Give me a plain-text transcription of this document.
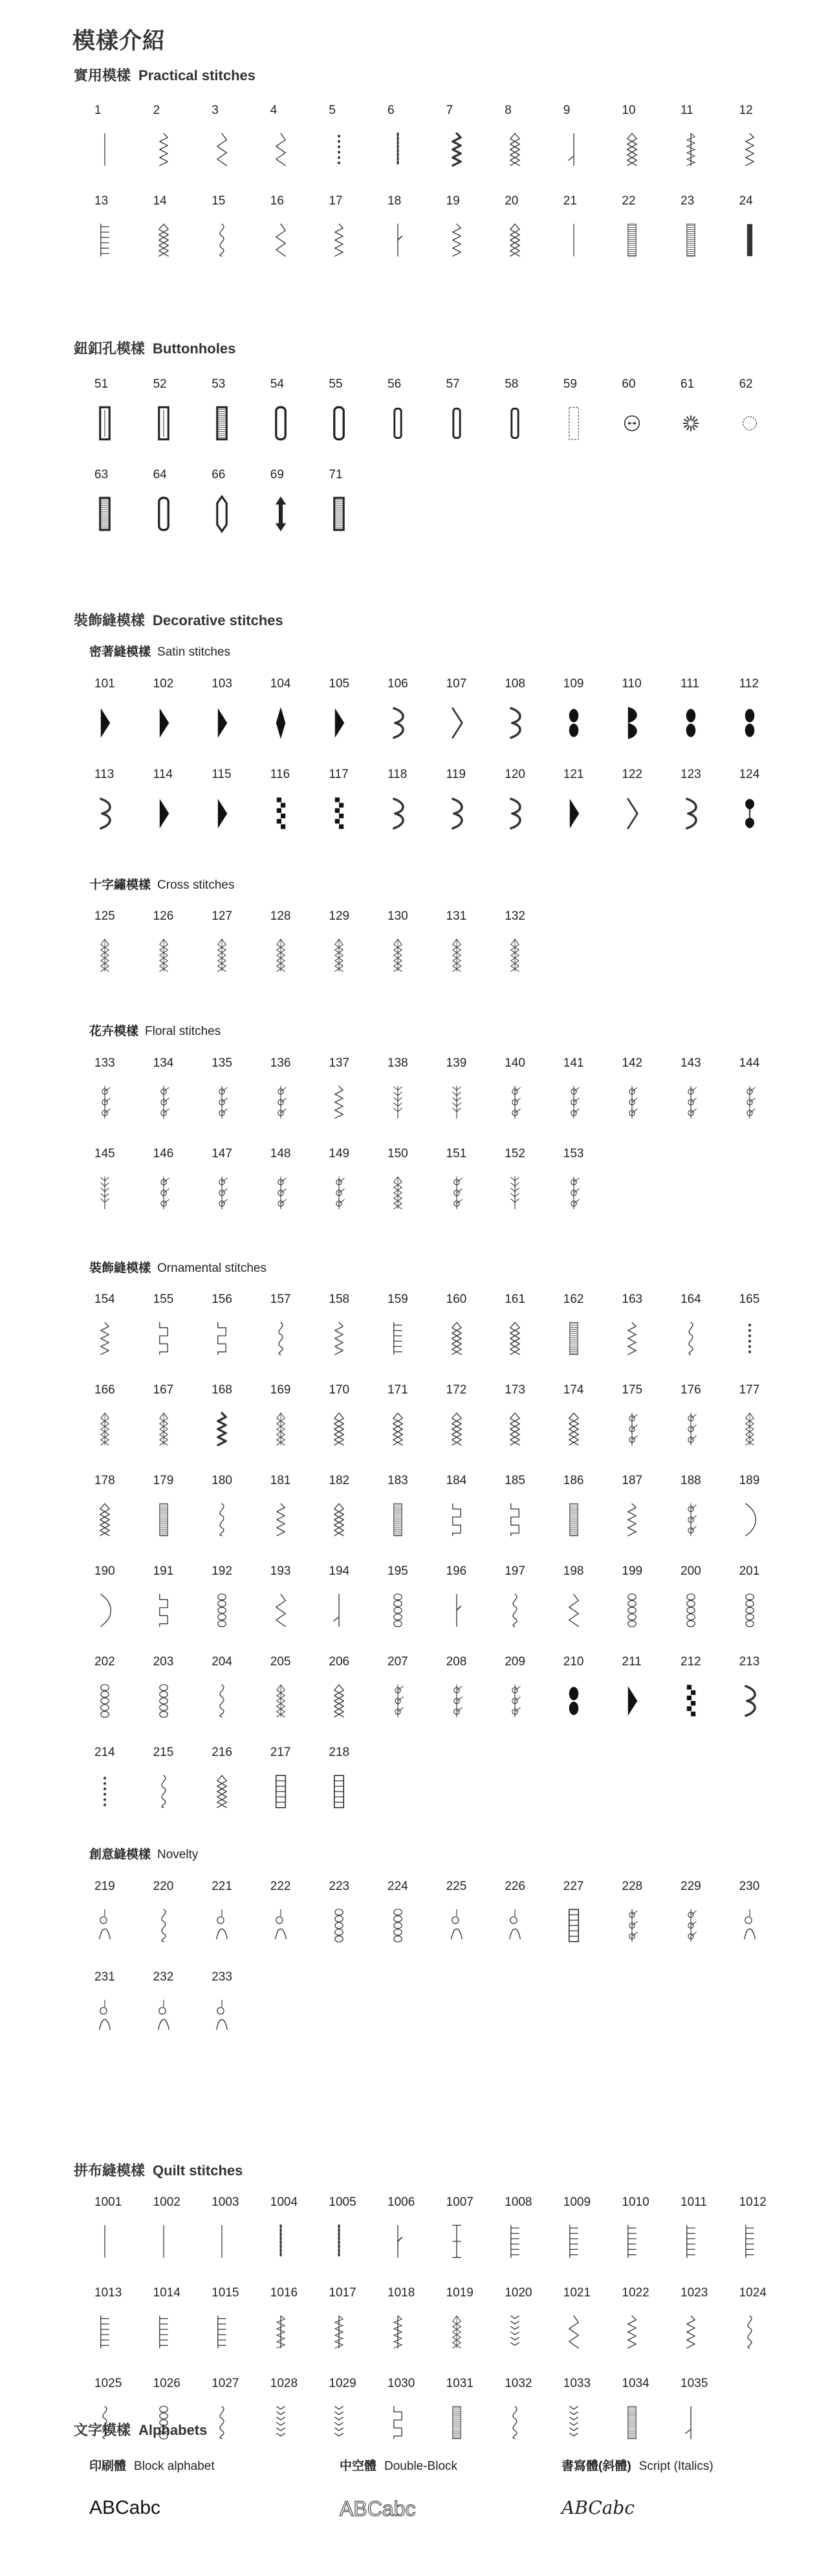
模樣介紹
實用模樣 Practical stitches
鈕釦孔模樣 Buttonholes
裝飾縫模樣 Decorative stitches
拼布縫模樣 Quilt stitches
文字模樣 Alphabets
密著縫模樣 Satin stitches
十字繡模樣 Cross stitches
花卉模樣 Floral stitches
裝飾縫模樣 Ornamental stitches
創意縫模樣 Novelty
1	2	3	4	5	6	7	8	9	10	11	12
13	14	15	16	17	18	19	20	21	22	23	24
51	52	53	54	55	56	57	58	59	60	61	62
63	64	66	69	71
101	102	103	104	105	106	107	108	109	110	111	112
113	114	115	116	117	118	119	120	121	122	123	124
125	126	127	128	129	130	131	132
133	134	135	136	137	138	139	140	141	142	143	144
145	146	147	148	149	150	151	152	153
154	155	156	157	158	159	160	161	162	163	164	165
166	167	168	169	170	171	172	173	174	175	176	177
178	179	180	181	182	183	184	185	186	187	188	189
190	191	192	193	194	195	196	197	198	199	200	201
202	203	204	205	206	207	208	209	210	211	212	213
214	215	216	217	218
219	220	221	222	223	224	225	226	227	228	229	230
231	232	233
1001	1002	1003	1004	1005	1006	1007	1008	1009	1010	1011	1012
1013	1014	1015	1016	1017	1018	1019	1020	1021	1022	1023	1024
1025	1026	1027	1028	1029	1030	1031	1032	1033	1034	1035
印刷體 Block alphabet
ABCabc
中空體 Double-Block
ABCabc
書寫體(斜體) Script (Italics)
ABCabc
